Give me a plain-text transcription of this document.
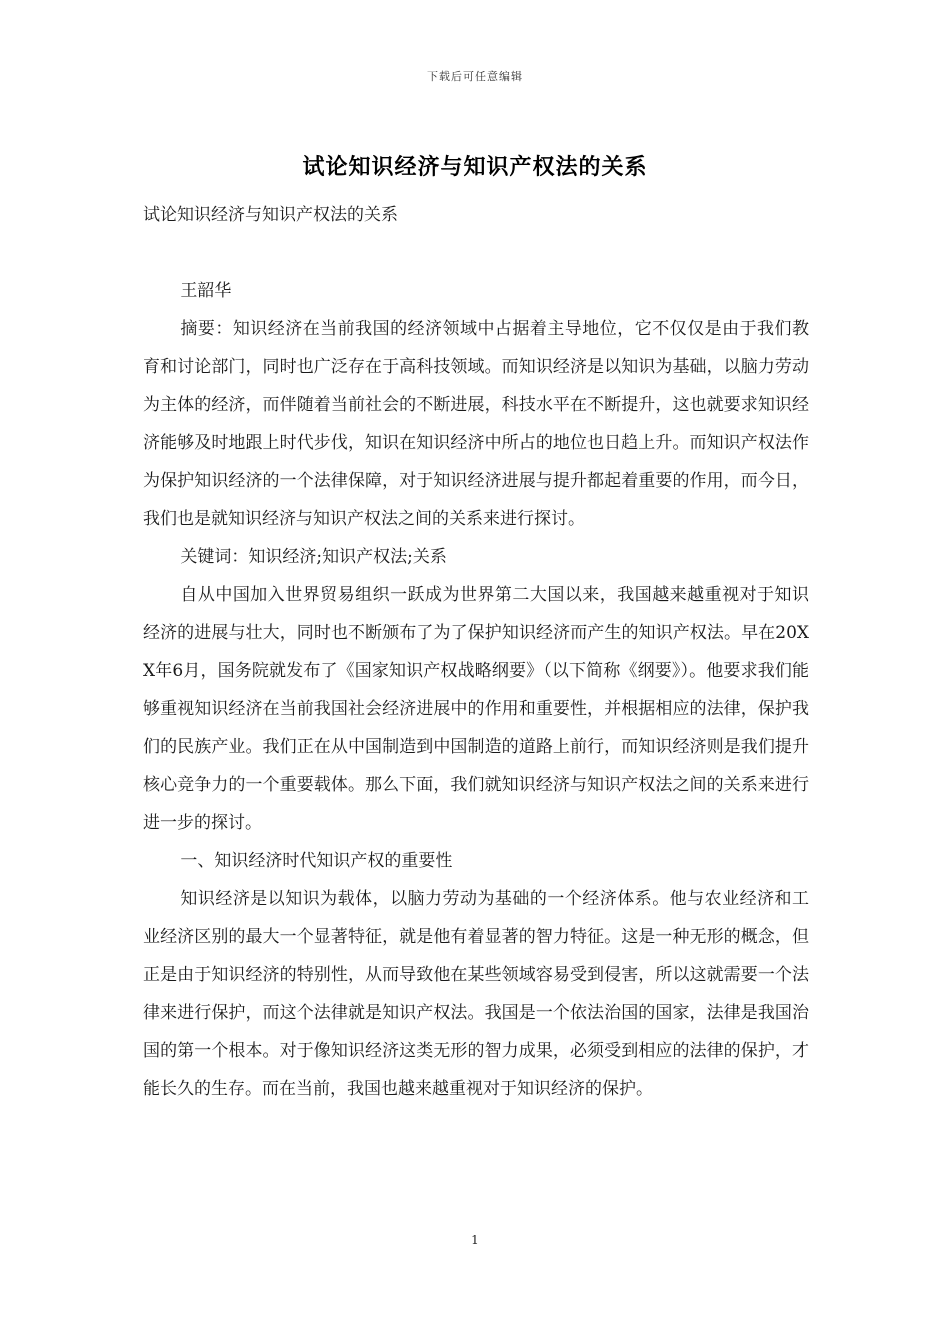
下载后可任意编辑
试论知识经济与知识产权法的关系

试论知识经济与知识产权法的关系

王韶华

摘要：知识经济在当前我国的经济领域中占据着主导地位，它不仅仅是由于我们教育和讨论部门，同时也广泛存在于高科技领域。而知识经济是以知识为基础，以脑力劳动为主体的经济，而伴随着当前社会的不断进展，科技水平在不断提升，这也就要求知识经济能够及时地跟上时代步伐，知识在知识经济中所占的地位也日趋上升。而知识产权法作为保护知识经济的一个法律保障，对于知识经济进展与提升都起着重要的作用，而今日，我们也是就知识经济与知识产权法之间的关系来进行探讨。

关键词：知识经济;知识产权法;关系

自从中国加入世界贸易组织一跃成为世界第二大国以来，我国越来越重视对于知识经济的进展与壮大，同时也不断颁布了为了保护知识经济而产生的知识产权法。早在20XX年6月，国务院就发布了《国家知识产权战略纲要》（以下简称《纲要》）。他要求我们能够重视知识经济在当前我国社会经济进展中的作用和重要性，并根据相应的法律，保护我们的民族产业。我们正在从中国制造到中国制造的道路上前行，而知识经济则是我们提升核心竞争力的一个重要载体。那么下面，我们就知识经济与知识产权法之间的关系来进行进一步的探讨。

一、知识经济时代知识产权的重要性

知识经济是以知识为载体，以脑力劳动为基础的一个经济体系。他与农业经济和工业经济区别的最大一个显著特征，就是他有着显著的智力特征。这是一种无形的概念，但正是由于知识经济的特别性，从而导致他在某些领域容易受到侵害，所以这就需要一个法律来进行保护，而这个法律就是知识产权法。我国是一个依法治国的国家，法律是我国治国的第一个根本。对于像知识经济这类无形的智力成果，必须受到相应的法律的保护，才能长久的生存。而在当前，我国也越来越重视对于知识经济的保护。

1
